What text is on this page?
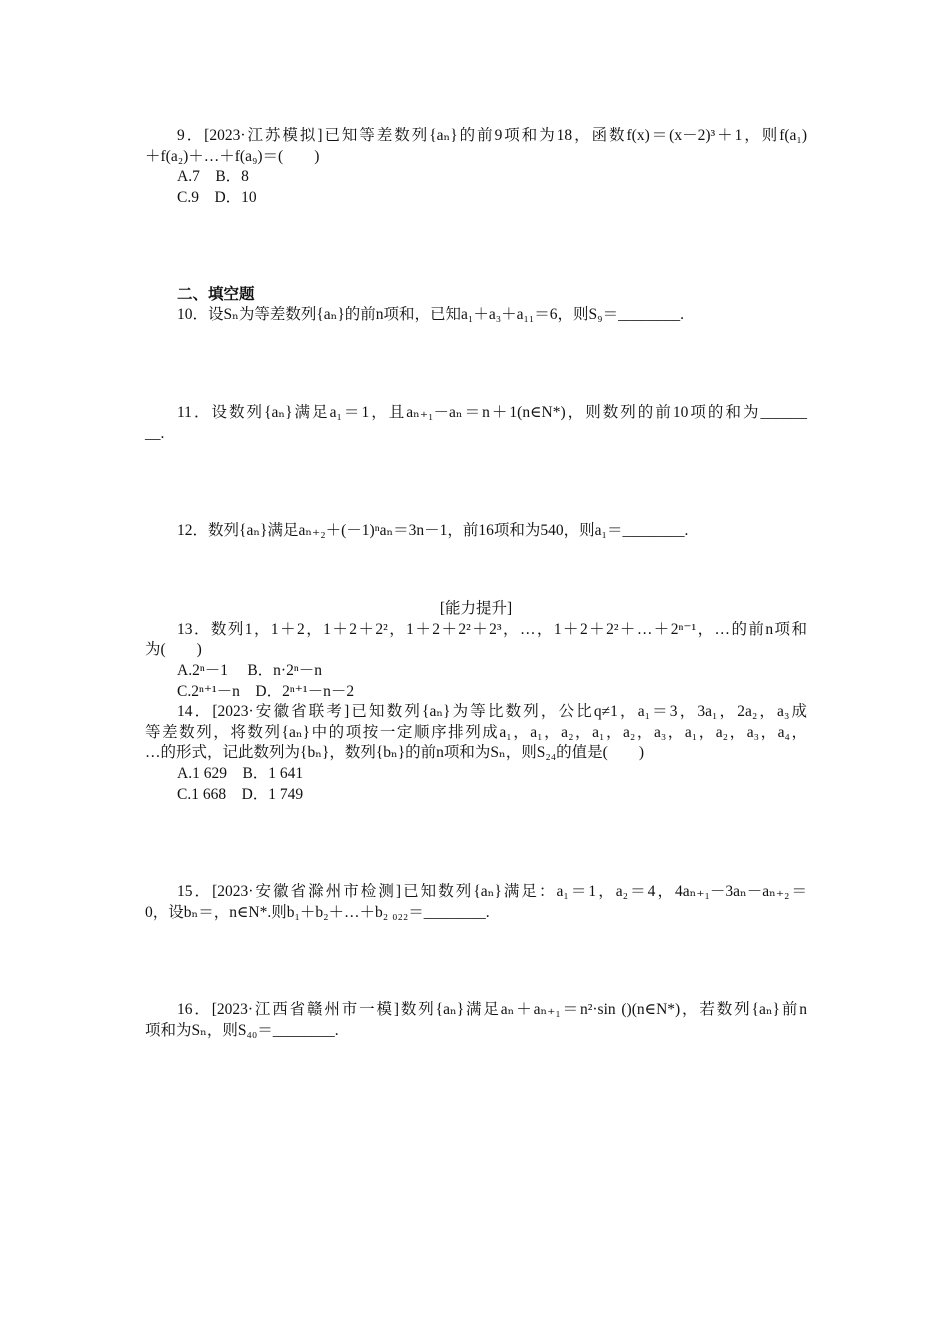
9．[2023·江苏模拟]已知等差数列{aₙ}的前9项和为18，函数f(x)＝(x－2)³＋1，则f(a₁)
＋f(a₂)＋…＋f(a₉)＝(　　)
A.7　B．8
C.9　D．10
二、填空题
10．设Sₙ为等差数列{aₙ}的前n项和，已知a₁＋a₃＋a₁₁＝6，则S₉＝________.
11．设数列{aₙ}满足a₁＝1，且aₙ₊₁－aₙ＝n＋1(n∈N*)，则数列的前10项的和为______
__.
12．数列{aₙ}满足aₙ₊₂＋(－1)ⁿaₙ＝3n－1，前16项和为540，则a₁＝________.
[能力提升]
13．数列1，1＋2，1＋2＋2²，1＋2＋2²＋2³，…，1＋2＋2²＋…＋2ⁿ⁻¹，…的前n项和
为(　　)
A.2ⁿ－1　 B．n·2ⁿ－n
C.2ⁿ⁺¹－n　D．2ⁿ⁺¹－n－2
14．[2023·安徽省联考]已知数列{aₙ}为等比数列，公比q≠1，a₁＝3，3a₁，2a₂，a₃成
等差数列，将数列{aₙ}中的项按一定顺序排列成a₁，a₁，a₂，a₁，a₂，a₃，a₁，a₂，a₃，a₄，
…的形式，记此数列为{bₙ}，数列{bₙ}的前n项和为Sₙ，则S₂₄的值是(　　)
A.1 629　B．1 641
C.1 668　D．1 749
15．[2023·安徽省滁州市检测]已知数列{aₙ}满足：a₁＝1，a₂＝4，4aₙ₊₁－3aₙ－aₙ₊₂＝
0，设bₙ＝，n∈N*.则b₁＋b₂＋…＋b₂ ₀₂₂＝________.
16．[2023·江西省赣州市一模]数列{aₙ}满足aₙ＋aₙ₊₁＝n²·sin ()(n∈N*)，若数列{aₙ}前n
项和为Sₙ，则S₄₀＝________.
